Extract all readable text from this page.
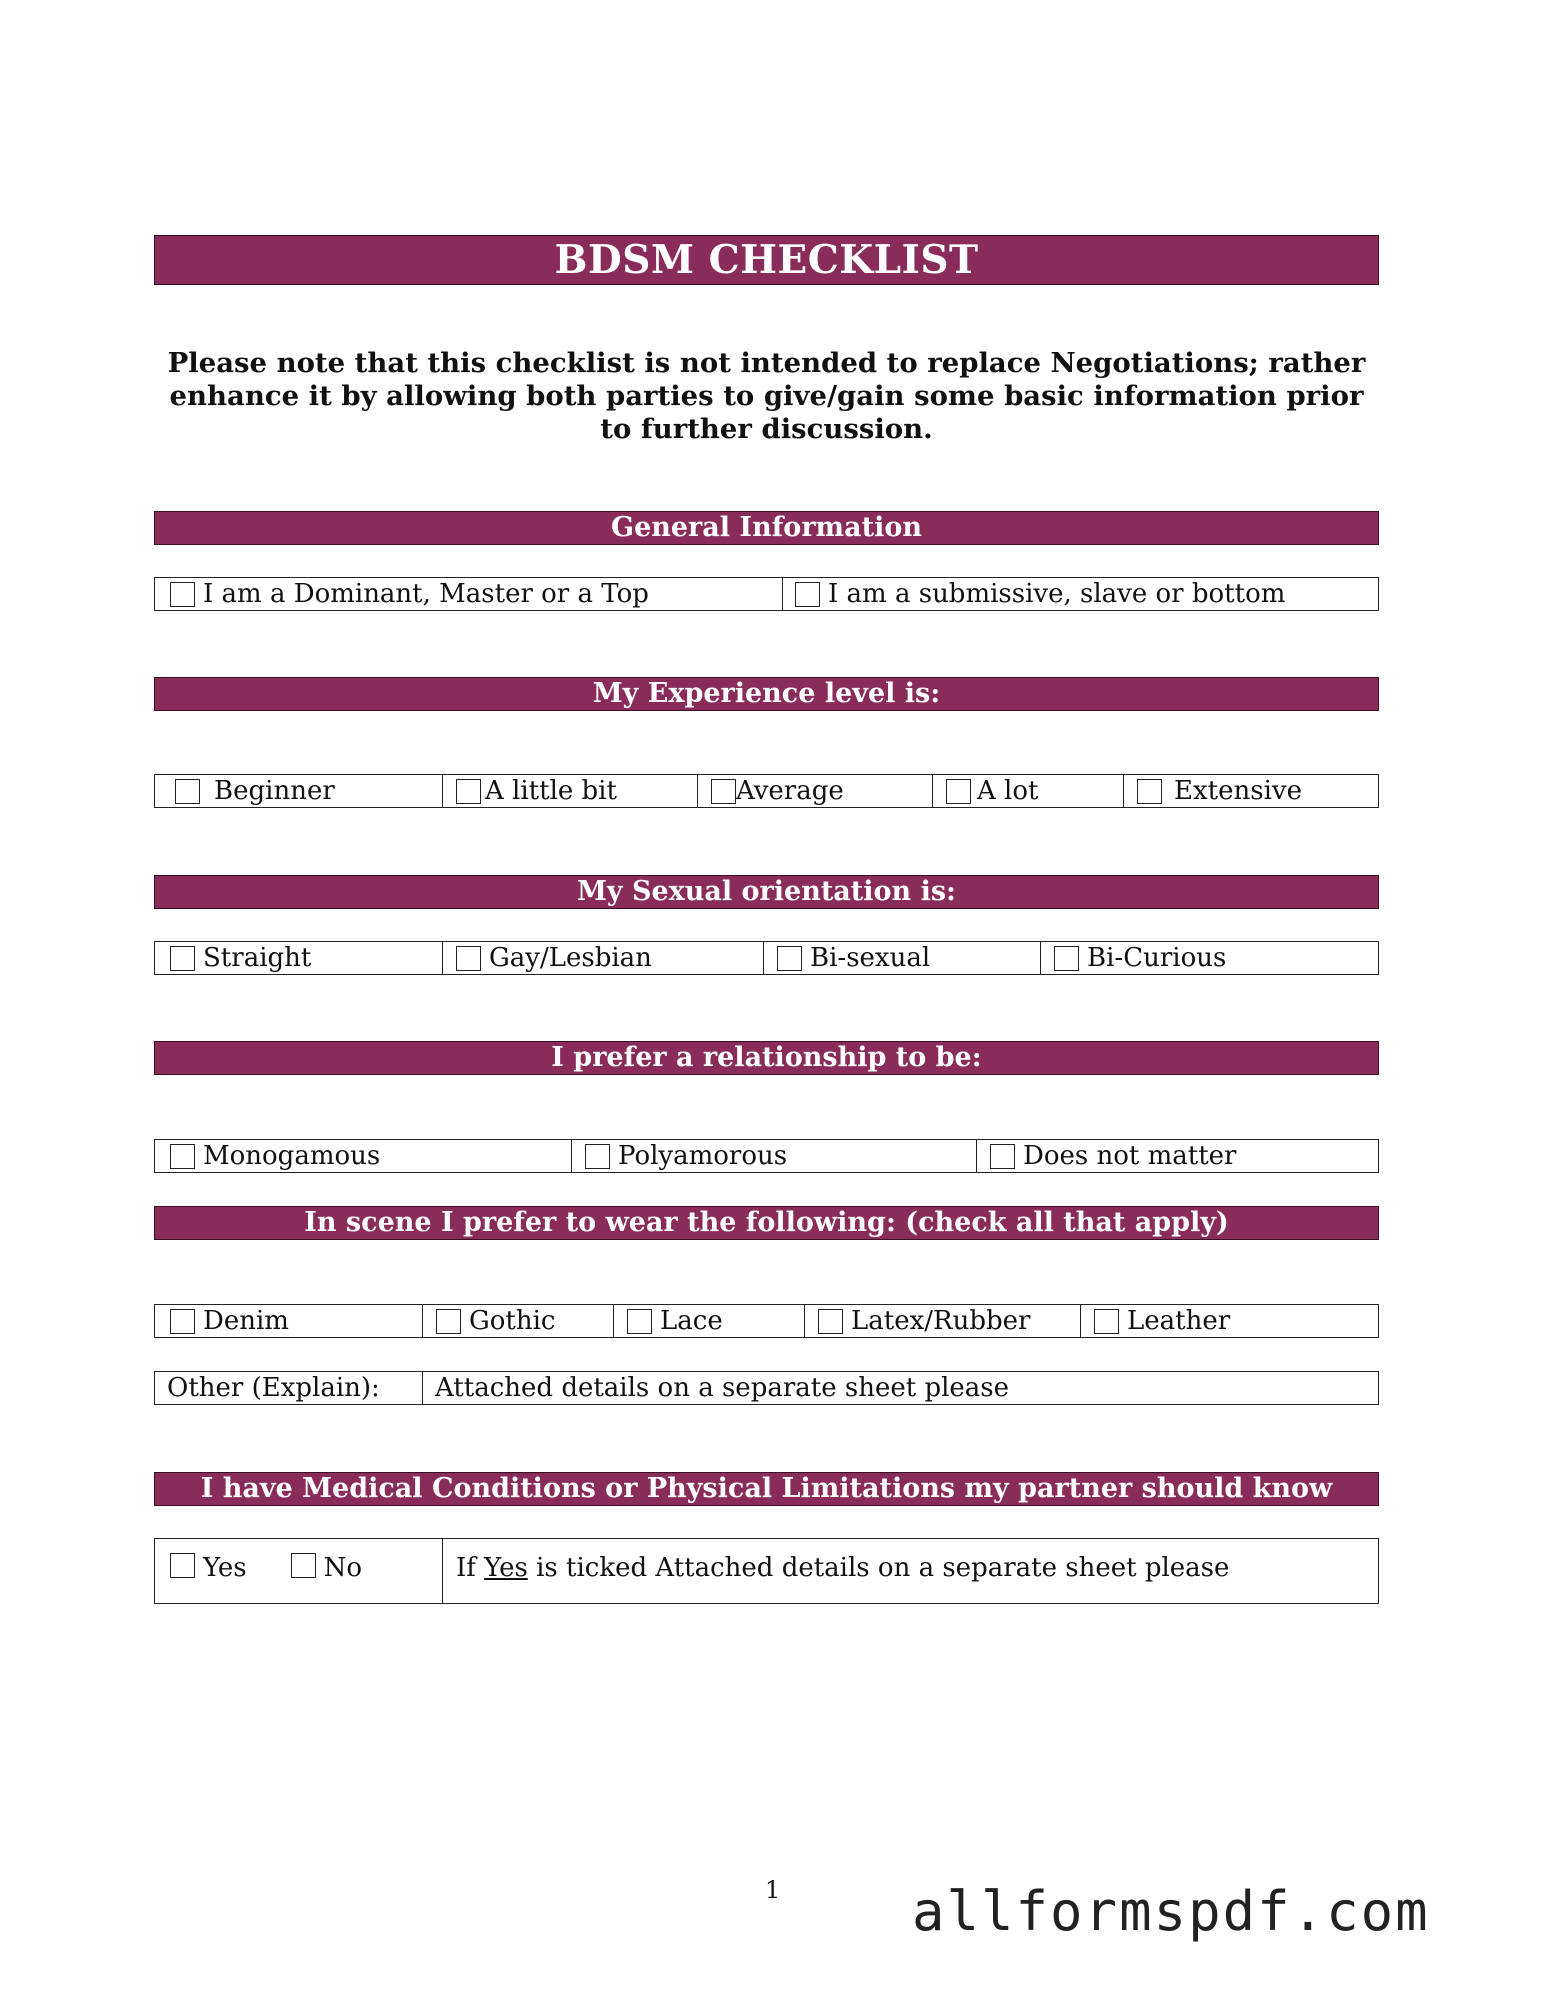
BDSM CHECKLIST
Please note that this checklist is not intended to replace Negotiations; rather enhance it by allowing both parties to give/gain some basic information prior to further discussion.
General Information
I am a Dominant, Master or a Top	I am a submissive, slave or bottom
My Experience level is:
Beginner	A little bit	Average	A lot	Extensive
My Sexual orientation is:
Straight	Gay/Lesbian	Bi-sexual	Bi-Curious
I prefer a relationship to be:
Monogamous	Polyamorous	Does not matter
In scene I prefer to wear the following: (check all that apply)
Denim	Gothic	Lace	Latex/Rubber	Leather
Other (Explain):	Attached details on a separate sheet please
I have Medical Conditions or Physical Limitations my partner should know about
Yes	No	If Yes is ticked Attached details on a separate sheet please
1 allformspdf.com
